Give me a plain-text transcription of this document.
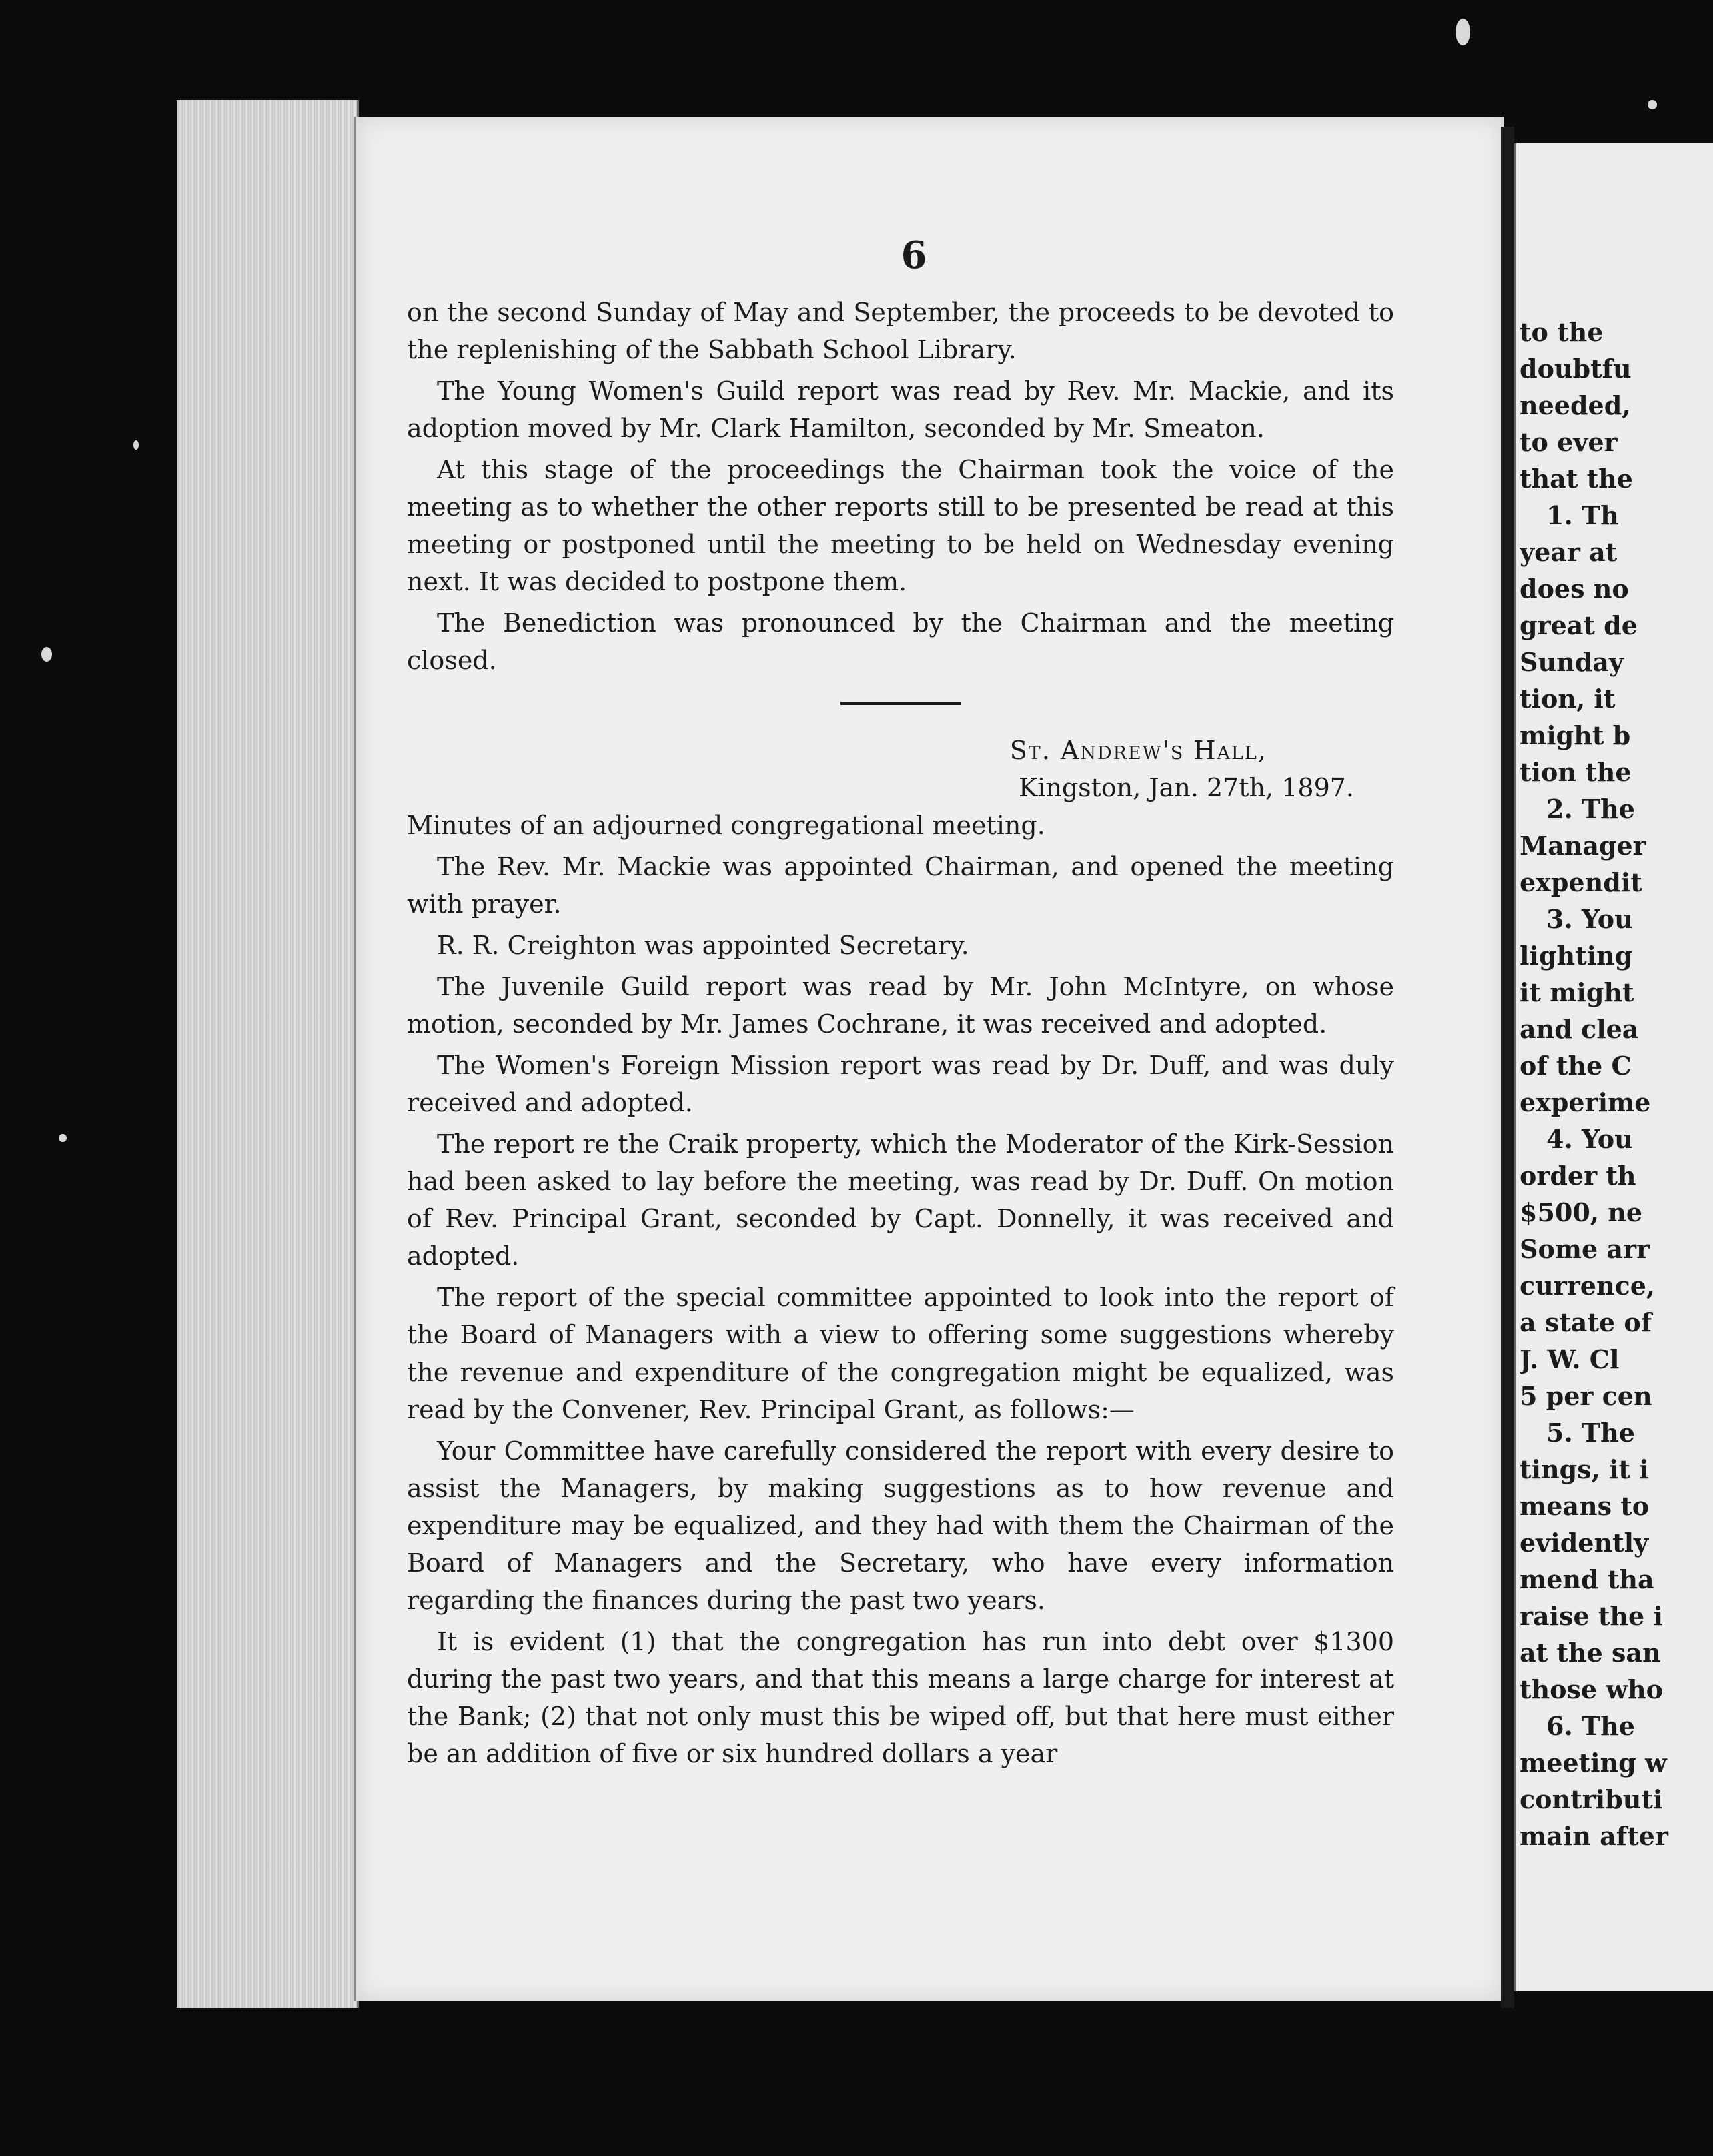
6

on the second Sunday of May and September, the proceeds to be devoted to the replenishing of the Sabbath School Library.

The Young Women's Guild report was read by Rev. Mr. Mackie, and its adoption moved by Mr. Clark Hamilton, seconded by Mr. Smeaton.

At this stage of the proceedings the Chairman took the voice of the meeting as to whether the other reports still to be presented be read at this meeting or postponed until the meeting to be held on Wednesday evening next. It was decided to postpone them.

The Benediction was pronounced by the Chairman and the meeting closed.

St. Andrew's Hall,
Kingston, Jan. 27th, 1897.

Minutes of an adjourned congregational meeting.

The Rev. Mr. Mackie was appointed Chairman, and opened the meeting with prayer.

R. R. Creighton was appointed Secretary.

The Juvenile Guild report was read by Mr. John McIntyre, on whose motion, seconded by Mr. James Cochrane, it was received and adopted.

The Women's Foreign Mission report was read by Dr. Duff, and was duly received and adopted.

The report re the Craik property, which the Moderator of the Kirk-Session had been asked to lay before the meeting, was read by Dr. Duff. On motion of Rev. Principal Grant, seconded by Capt. Donnelly, it was received and adopted.

The report of the special committee appointed to look into the report of the Board of Managers with a view to offering some suggestions whereby the revenue and expenditure of the congregation might be equalized, was read by the Convener, Rev. Principal Grant, as follows:—

Your Committee have carefully considered the report with every desire to assist the Managers, by making suggestions as to how revenue and expenditure may be equalized, and they had with them the Chairman of the Board of Managers and the Secretary, who have every information regarding the finances during the past two years.

It is evident (1) that the congregation has run into debt over $1300 during the past two years, and that this means a large charge for interest at the Bank; (2) that not only must this be wiped off, but that here must either be an addition of five or six hundred dollars a year

to the
doubtfu
needed,
to ever
that the
1. Th
year at
does no
great de
Sunday
tion, it
might b
tion the
2. The
Manager
expendit
3. You
lighting
it might
and clea
of the C
experime
4. You
order th
$500, ne
Some arr
currence,
a state of
J. W. Cl
5 per cen
5. The
tings, it i
means to
evidently
mend tha
raise the i
at the san
those who
6. The
meeting w
contributi
main after
